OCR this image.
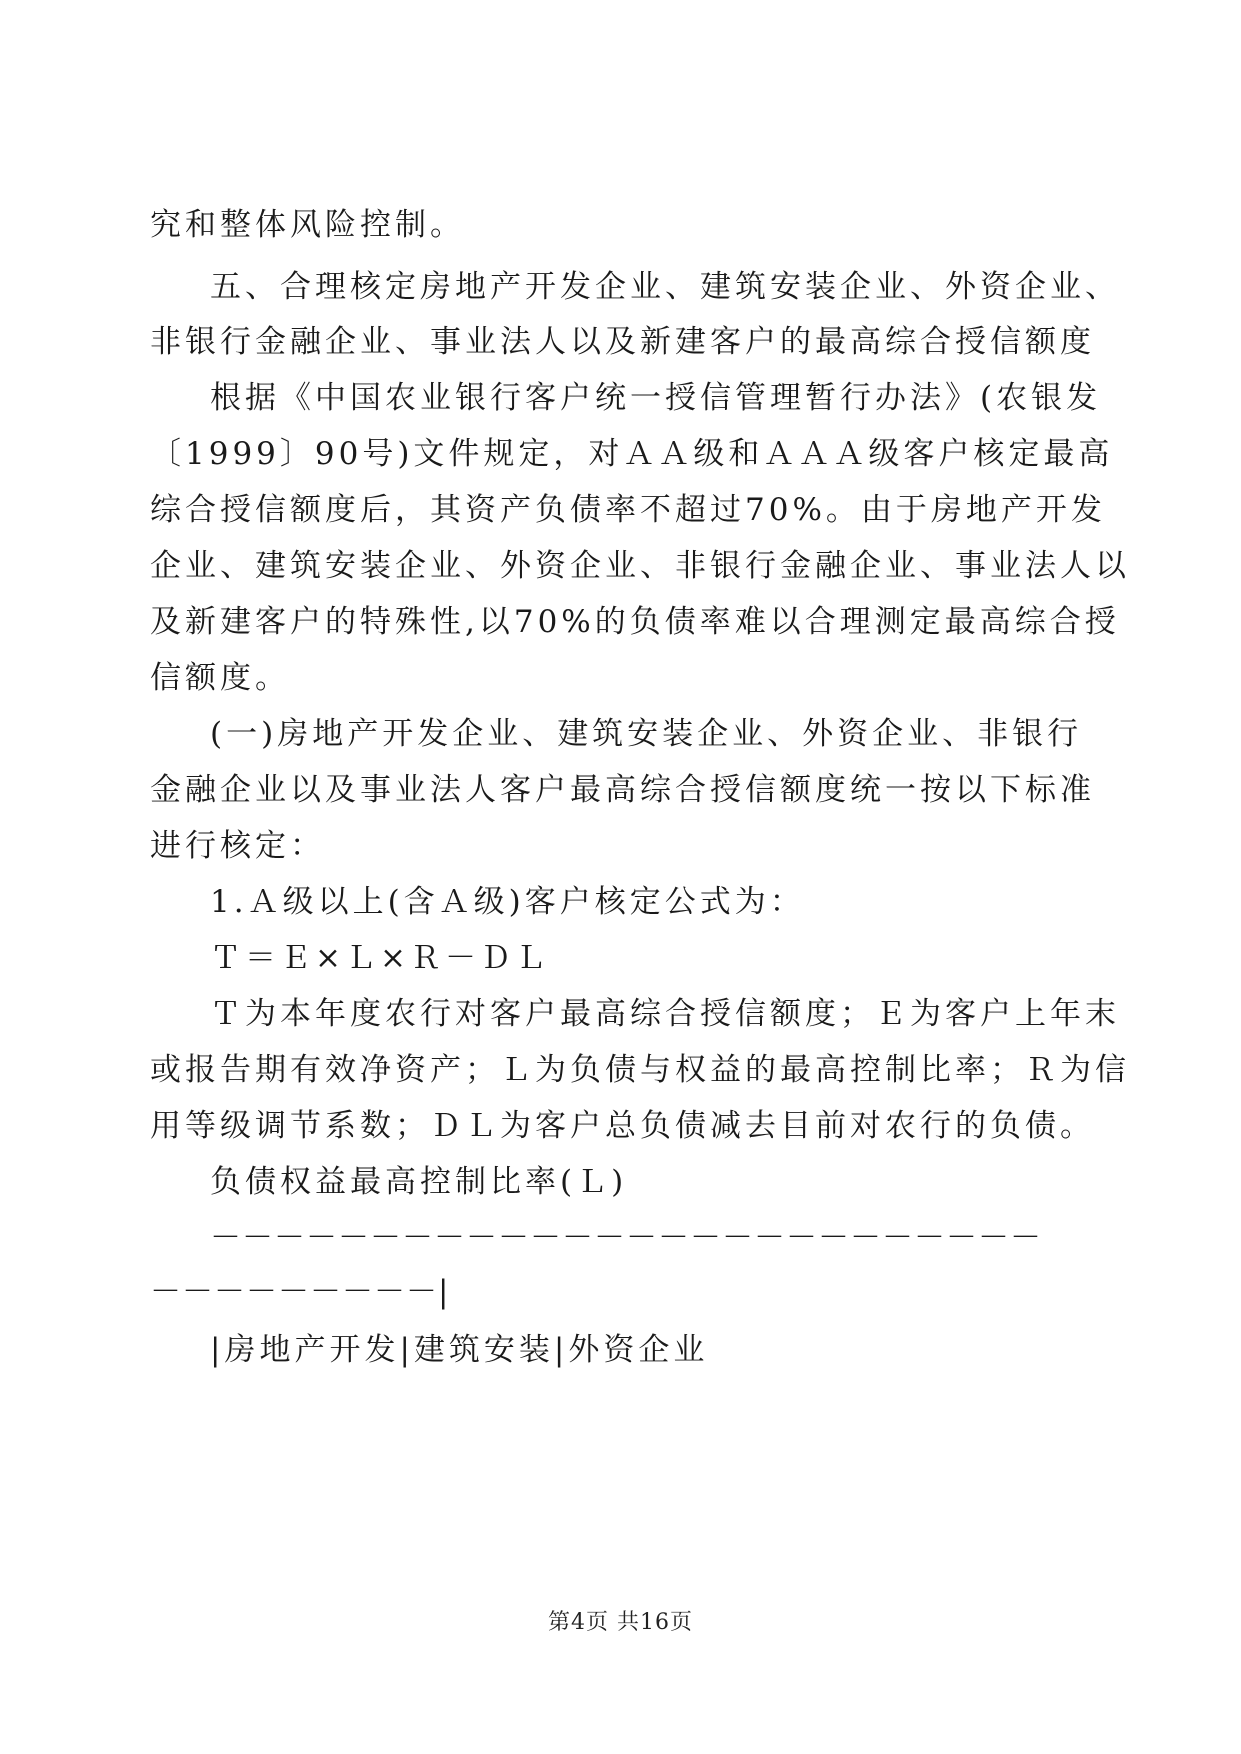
究和整体风险控制。
五、合理核定房地产开发企业、建筑安装企业、外资企业、
非银行金融企业、事业法人以及新建客户的最高综合授信额度
根据《中国农业银行客户统一授信管理暂行办法》(农银发
〔1999〕90号)文件规定，对ＡＡ级和ＡＡＡ级客户核定最高
综合授信额度后，其资产负债率不超过70%。由于房地产开发
企业、建筑安装企业、外资企业、非银行金融企业、事业法人以
及新建客户的特殊性,以70%的负债率难以合理测定最高综合授
信额度。
(一)房地产开发企业、建筑安装企业、外资企业、非银行
金融企业以及事业法人客户最高综合授信额度统一按以下标准
进行核定：
1.Ａ级以上(含Ａ级)客户核定公式为：
Ｔ＝Ｅ×Ｌ×Ｒ－ＤＬ
Ｔ为本年度农行对客户最高综合授信额度；Ｅ为客户上年末
或报告期有效净资产；Ｌ为负债与权益的最高控制比率；Ｒ为信
用等级调节系数；ＤＬ为客户总负债减去目前对农行的负债。
负债权益最高控制比率(Ｌ)
－－－－－－－－－－－－－－－－－－－－－－－－－－
－－－－－－－－－|
|房地产开发|建筑安装|外资企业
第4页 共16页
